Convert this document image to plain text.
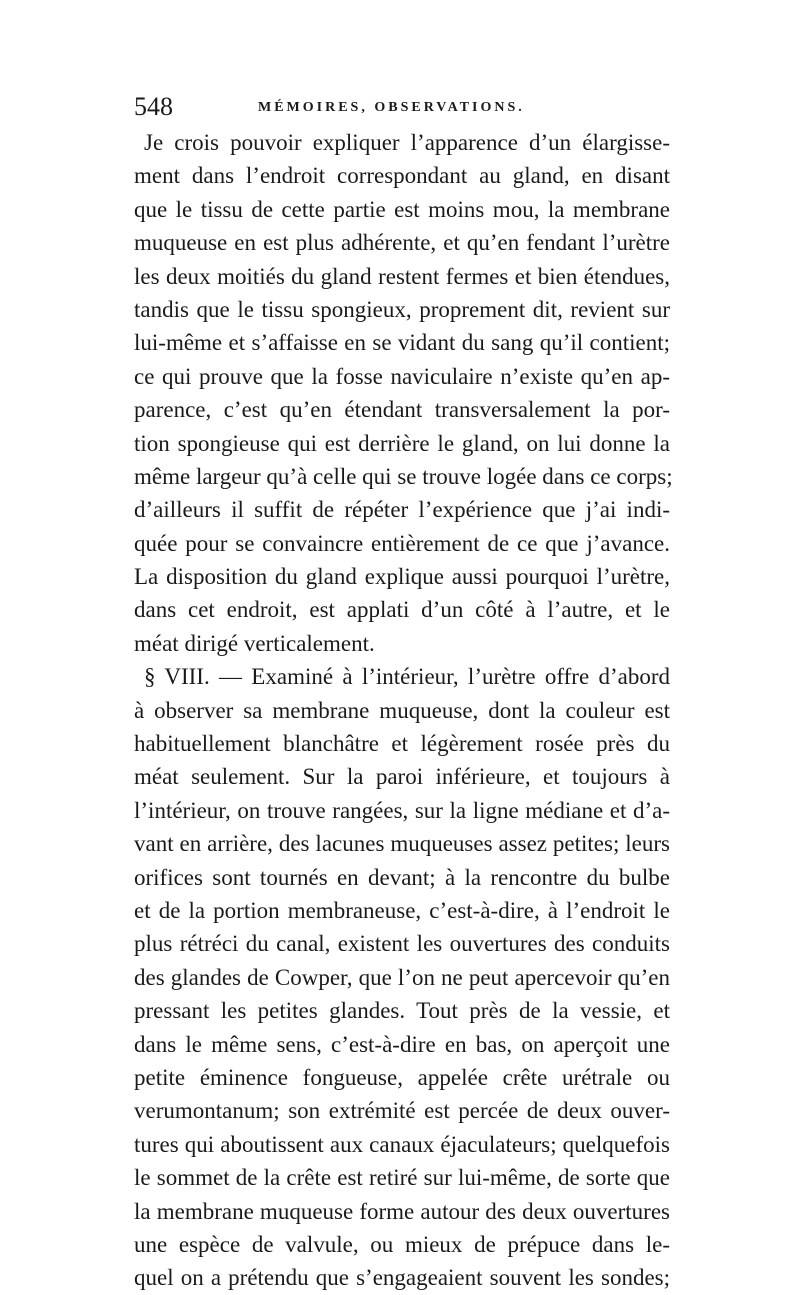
548	MÉMOIRES, OBSERVATIONS.
Je crois pouvoir expliquer l’apparence d’un élargisse-
ment dans l’endroit correspondant au gland, en disant
que le tissu de cette partie est moins mou, la membrane
muqueuse en est plus adhérente, et qu’en fendant l’urètre
les deux moitiés du gland restent fermes et bien étendues,
tandis que le tissu spongieux, proprement dit, revient sur
lui-même et s’affaisse en se vidant du sang qu’il contient;
ce qui prouve que la fosse naviculaire n’existe qu’en ap-
parence, c’est qu’en étendant transversalement la por-
tion spongieuse qui est derrière le gland, on lui donne la
même largeur qu’à celle qui se trouve logée dans ce corps;
d’ailleurs il suffit de répéter l’expérience que j’ai indi-
quée pour se convaincre entièrement de ce que j’avance.
La disposition du gland explique aussi pourquoi l’urètre,
dans cet endroit, est applati d’un côté à l’autre, et le
méat dirigé verticalement.
§ VIII. — Examiné à l’intérieur, l’urètre offre d’abord
à observer sa membrane muqueuse, dont la couleur est
habituellement blanchâtre et légèrement rosée près du
méat seulement. Sur la paroi inférieure, et toujours à
l’intérieur, on trouve rangées, sur la ligne médiane et d’a-
vant en arrière, des lacunes muqueuses assez petites; leurs
orifices sont tournés en devant; à la rencontre du bulbe
et de la portion membraneuse, c’est-à-dire, à l’endroit le
plus rétréci du canal, existent les ouvertures des conduits
des glandes de Cowper, que l’on ne peut apercevoir qu’en
pressant les petites glandes. Tout près de la vessie, et
dans le même sens, c’est-à-dire en bas, on aperçoit une
petite éminence fongueuse, appelée crête urétrale ou
verumontanum; son extrémité est percée de deux ouver-
tures qui aboutissent aux canaux éjaculateurs; quelquefois
le sommet de la crête est retiré sur lui-même, de sorte que
la membrane muqueuse forme autour des deux ouvertures
une espèce de valvule, ou mieux de prépuce dans le-
quel on a prétendu que s’engageaient souvent les sondes;
